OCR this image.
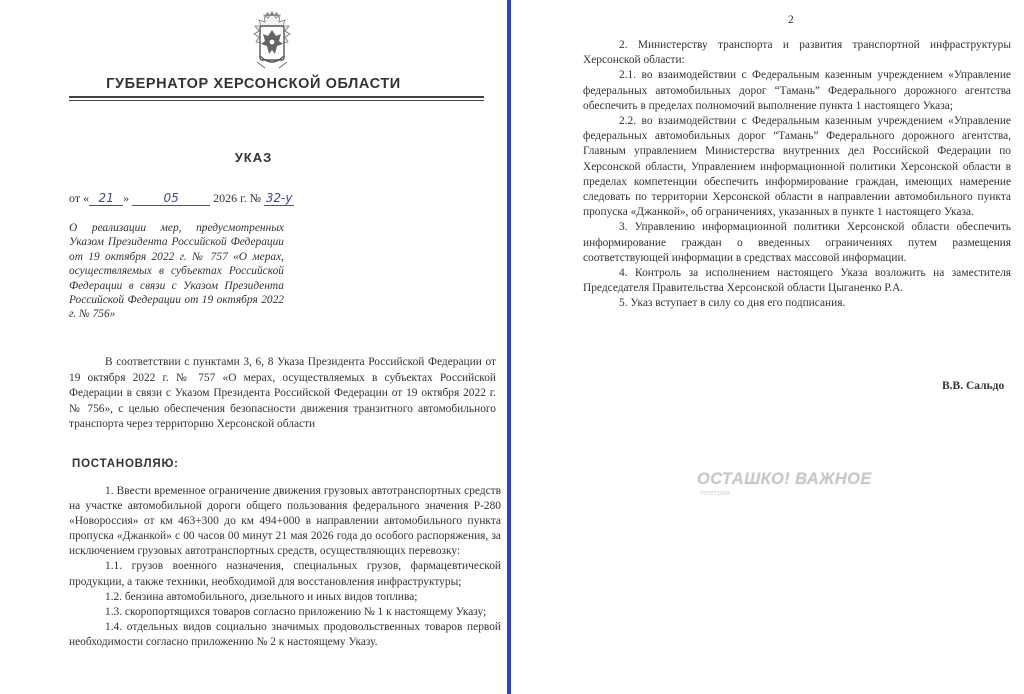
ГУБЕРНАТОР ХЕРСОНСКОЙ ОБЛАСТИ
УКАЗ
от « 21 »	05	2026 г. № 32-у
О реализации мер, предусмотренных Указом Президента Российской Федерации от 19 октября 2022 г. № 757 «О мерах, осуществляемых в субъектах Российской Федерации в связи с Указом Президента Российской Федерации от 19 октября 2022 г. № 756»
В соответствии с пунктами 3, 6, 8 Указа Президента Российской Федерации от 19 октября 2022 г. № 757 «О мерах, осуществляемых в субъектах Российской Федерации в связи с Указом Президента Российской Федерации от 19 октября 2022 г. № 756», с целью обеспечения безопасности движения транзитного автомобильного транспорта через территорию Херсонской области
ПОСТАНОВЛЯЮ:

1. Ввести временное ограничение движения грузовых автотранспортных средств на участке автомобильной дороги общего пользования федерального значения Р-280 «Новороссия» от км 463+300 до км 494+000 в направлении автомобильного пункта пропуска «Джанкой» с 00 часов 00 минут 21 мая 2026 года до особого распоряжения, за исключением грузовых автотранспортных средств, осуществляющих перевозку:

1.1. грузов военного назначения, специальных грузов, фармацевтической продукции, а также техники, необходимой для восстановления инфраструктуры;

1.2. бензина автомобильного, дизельного и иных видов топлива;

1.3. скоропортящихся товаров согласно приложению № 1 к настоящему Указу;

1.4. отдельных видов социально значимых продовольственных товаров первой необходимости согласно приложению № 2 к настоящему Указу.

2

2. Министерству транспорта и развития транспортной инфраструктуры Херсонской области:

2.1. во взаимодействии с Федеральным казенным учреждением «Управление федеральных автомобильных дорог “Тамань” Федерального дорожного агентства обеспечить в пределах полномочий выполнение пункта 1 настоящего Указа;

2.2. во взаимодействии с Федеральным казенным учреждением «Управление федеральных автомобильных дорог “Тамань” Федерального дорожного агентства, Главным управлением Министерства внутренних дел Российской Федерации по Херсонской области, Управлением информационной политики Херсонской области в пределах компетенции обеспечить информирование граждан, имеющих намерение следовать по территории Херсонской области в направлении автомобильного пункта пропуска «Джанкой», об ограничениях, указанных в пункте 1 настоящего Указа.

3. Управлению информационной политики Херсонской области обеспечить информирование граждан о введенных ограничениях путем размещения соответствующей информации в средствах массовой информации.

4. Контроль за исполнением настоящего Указа возложить на заместителя Председателя Правительства Херсонской области Цыганенко Р.А.

5. Указ вступает в силу со дня его подписания.

В.В. Сальдо
ОСТАШКО! ВАЖНОЕ
телеграм
